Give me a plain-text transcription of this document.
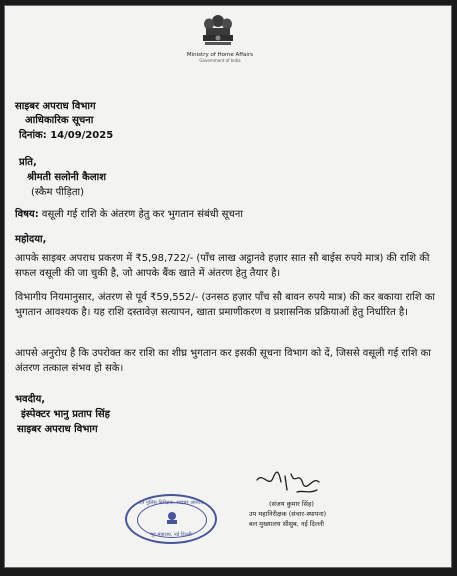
Ministry of Home Affairs
Government of India
साइबर अपराध विभाग
आधिकारिक सूचना
दिनांक: 14/09/2025
प्रति,
श्रीमती सलोनी कैलाश
(स्कैम पीड़िता)
विषय: वसूली गई राशि के अंतरण हेतु कर भुगतान संबंधी सूचना
महोदया,
आपके साइबर अपराध प्रकरण में ₹5,98,722/- (पाँच लाख अट्ठानवे हज़ार सात सौ बाईस रुपये मात्र) की राशि की सफल वसूली की जा चुकी है, जो आपके बैंक खाते में अंतरण हेतु तैयार है।
विभागीय नियमानुसार, अंतरण से पूर्व ₹59,552/- (उनसठ हज़ार पाँच सौ बावन रुपये मात्र) की कर बकाया राशि का भुगतान आवश्यक है। यह राशि दस्तावेज़ सत्यापन, खाता प्रमाणीकरण व प्रशासनिक प्रक्रियाओं हेतु निर्धारित है।
आपसे अनुरोध है कि उपरोक्त कर राशि का शीघ्र भुगतान कर इसकी सूचना विभाग को दें, जिससे वसूली गई राशि का अंतरण तत्काल संभव हो सके।
भवदीय,
इंस्पेक्टर भानु प्रताप सिंह
साइबर अपराध विभाग
उप पुलिस निरीक्षक, साइबर अपराध
गृह मंत्रालय, नई दिल्ली
(संजय कुमार सिंह)
उप महानिरीक्षक (संचार-स्थापना)
बल मुख्यालय सीसुब, नई दिल्ली
